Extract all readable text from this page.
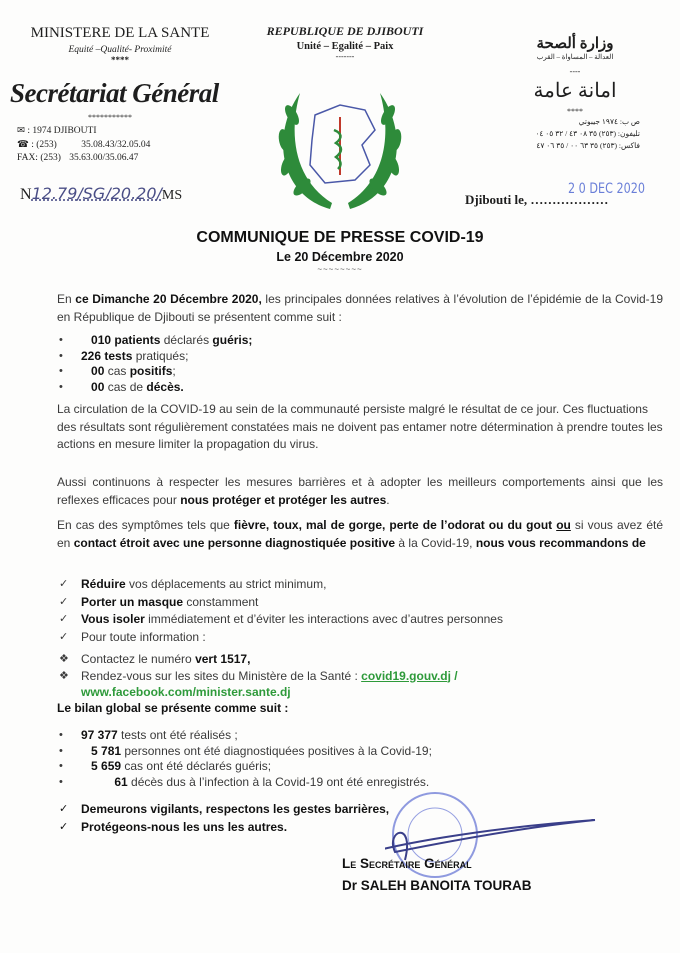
MINISTERE DE LA SANTE
Equité –Qualité- Proximité
****
Secrétariat Général
***********
✉ : 1974 DJIBOUTI
☎ : (253)	35.08.43/32.05.04
FAX: (253) 35.63.00/35.06.47
N12.79/SG/20.20/MS
REPUBLIQUE DE DJIBOUTI
Unité – Egalité – Paix
-------
وزارة ألصحة
العدالة – المساواة – القرب
----
امانة عامة
****
ص ب: ١٩٧٤ جيبوتي
تليفون: (٢٥٣) ٣٥ ٠٨ ٤٣ / ٣٢ ٠٥ ٠٤
فاكس: (٢٥٣) ٣٥ ٦٣ ٠٠ / ٣٥ ٠٦ ٤٧
2 0 DEC 2020
Djibouti le, ………………
COMMUNIQUE DE PRESSE COVID-19
Le 20 Décembre 2020
~~~~~~~~
En ce Dimanche 20 Décembre 2020, les principales données relatives à l’évolution de l’épidémie de la Covid-19 en République de Djibouti se présentent comme suit :
• 010 patients déclarés guéris;
• 226 tests pratiqués;
• 00 cas positifs;
• 00 cas de décès.
La circulation de la COVID-19 au sein de la communauté persiste malgré le résultat de ce jour. Ces fluctuations des résultats sont régulièrement constatées mais ne doivent pas entamer notre détermination à prendre toutes les actions en mesure limiter la propagation du virus.
Aussi continuons à respecter les mesures barrières et à adopter les meilleurs comportements ainsi que les reflexes efficaces pour nous protéger et protéger les autres.
En cas des symptômes tels que fièvre, toux, mal de gorge, perte de l’odorat ou du gout ou si vous avez été en contact étroit avec une personne diagnostiquée positive à la Covid-19, nous vous recommandons de
✓ Réduire vos déplacements au strict minimum,
✓ Porter un masque constamment
✓ Vous isoler immédiatement et d’éviter les interactions avec d’autres personnes
✓ Pour toute information :
❖ Contactez le numéro vert 1517,
❖ Rendez-vous sur les sites du Ministère de la Santé : covid19.gouv.dj /
www.facebook.com/minister.sante.dj
Le bilan global se présente comme suit :
• 97 377 tests ont été réalisés ;
• 5 781 personnes ont été diagnostiquées positives à la Covid-19;
• 5 659 cas ont été déclarés guéris;
•	61 décès dus à l’infection à la Covid-19 ont été enregistrés.
✓ Demeurons vigilants, respectons les gestes barrières,
✓ Protégeons-nous les uns les autres.
Le Secrétaire Général
Dr SALEH BANOITA TOURAB
